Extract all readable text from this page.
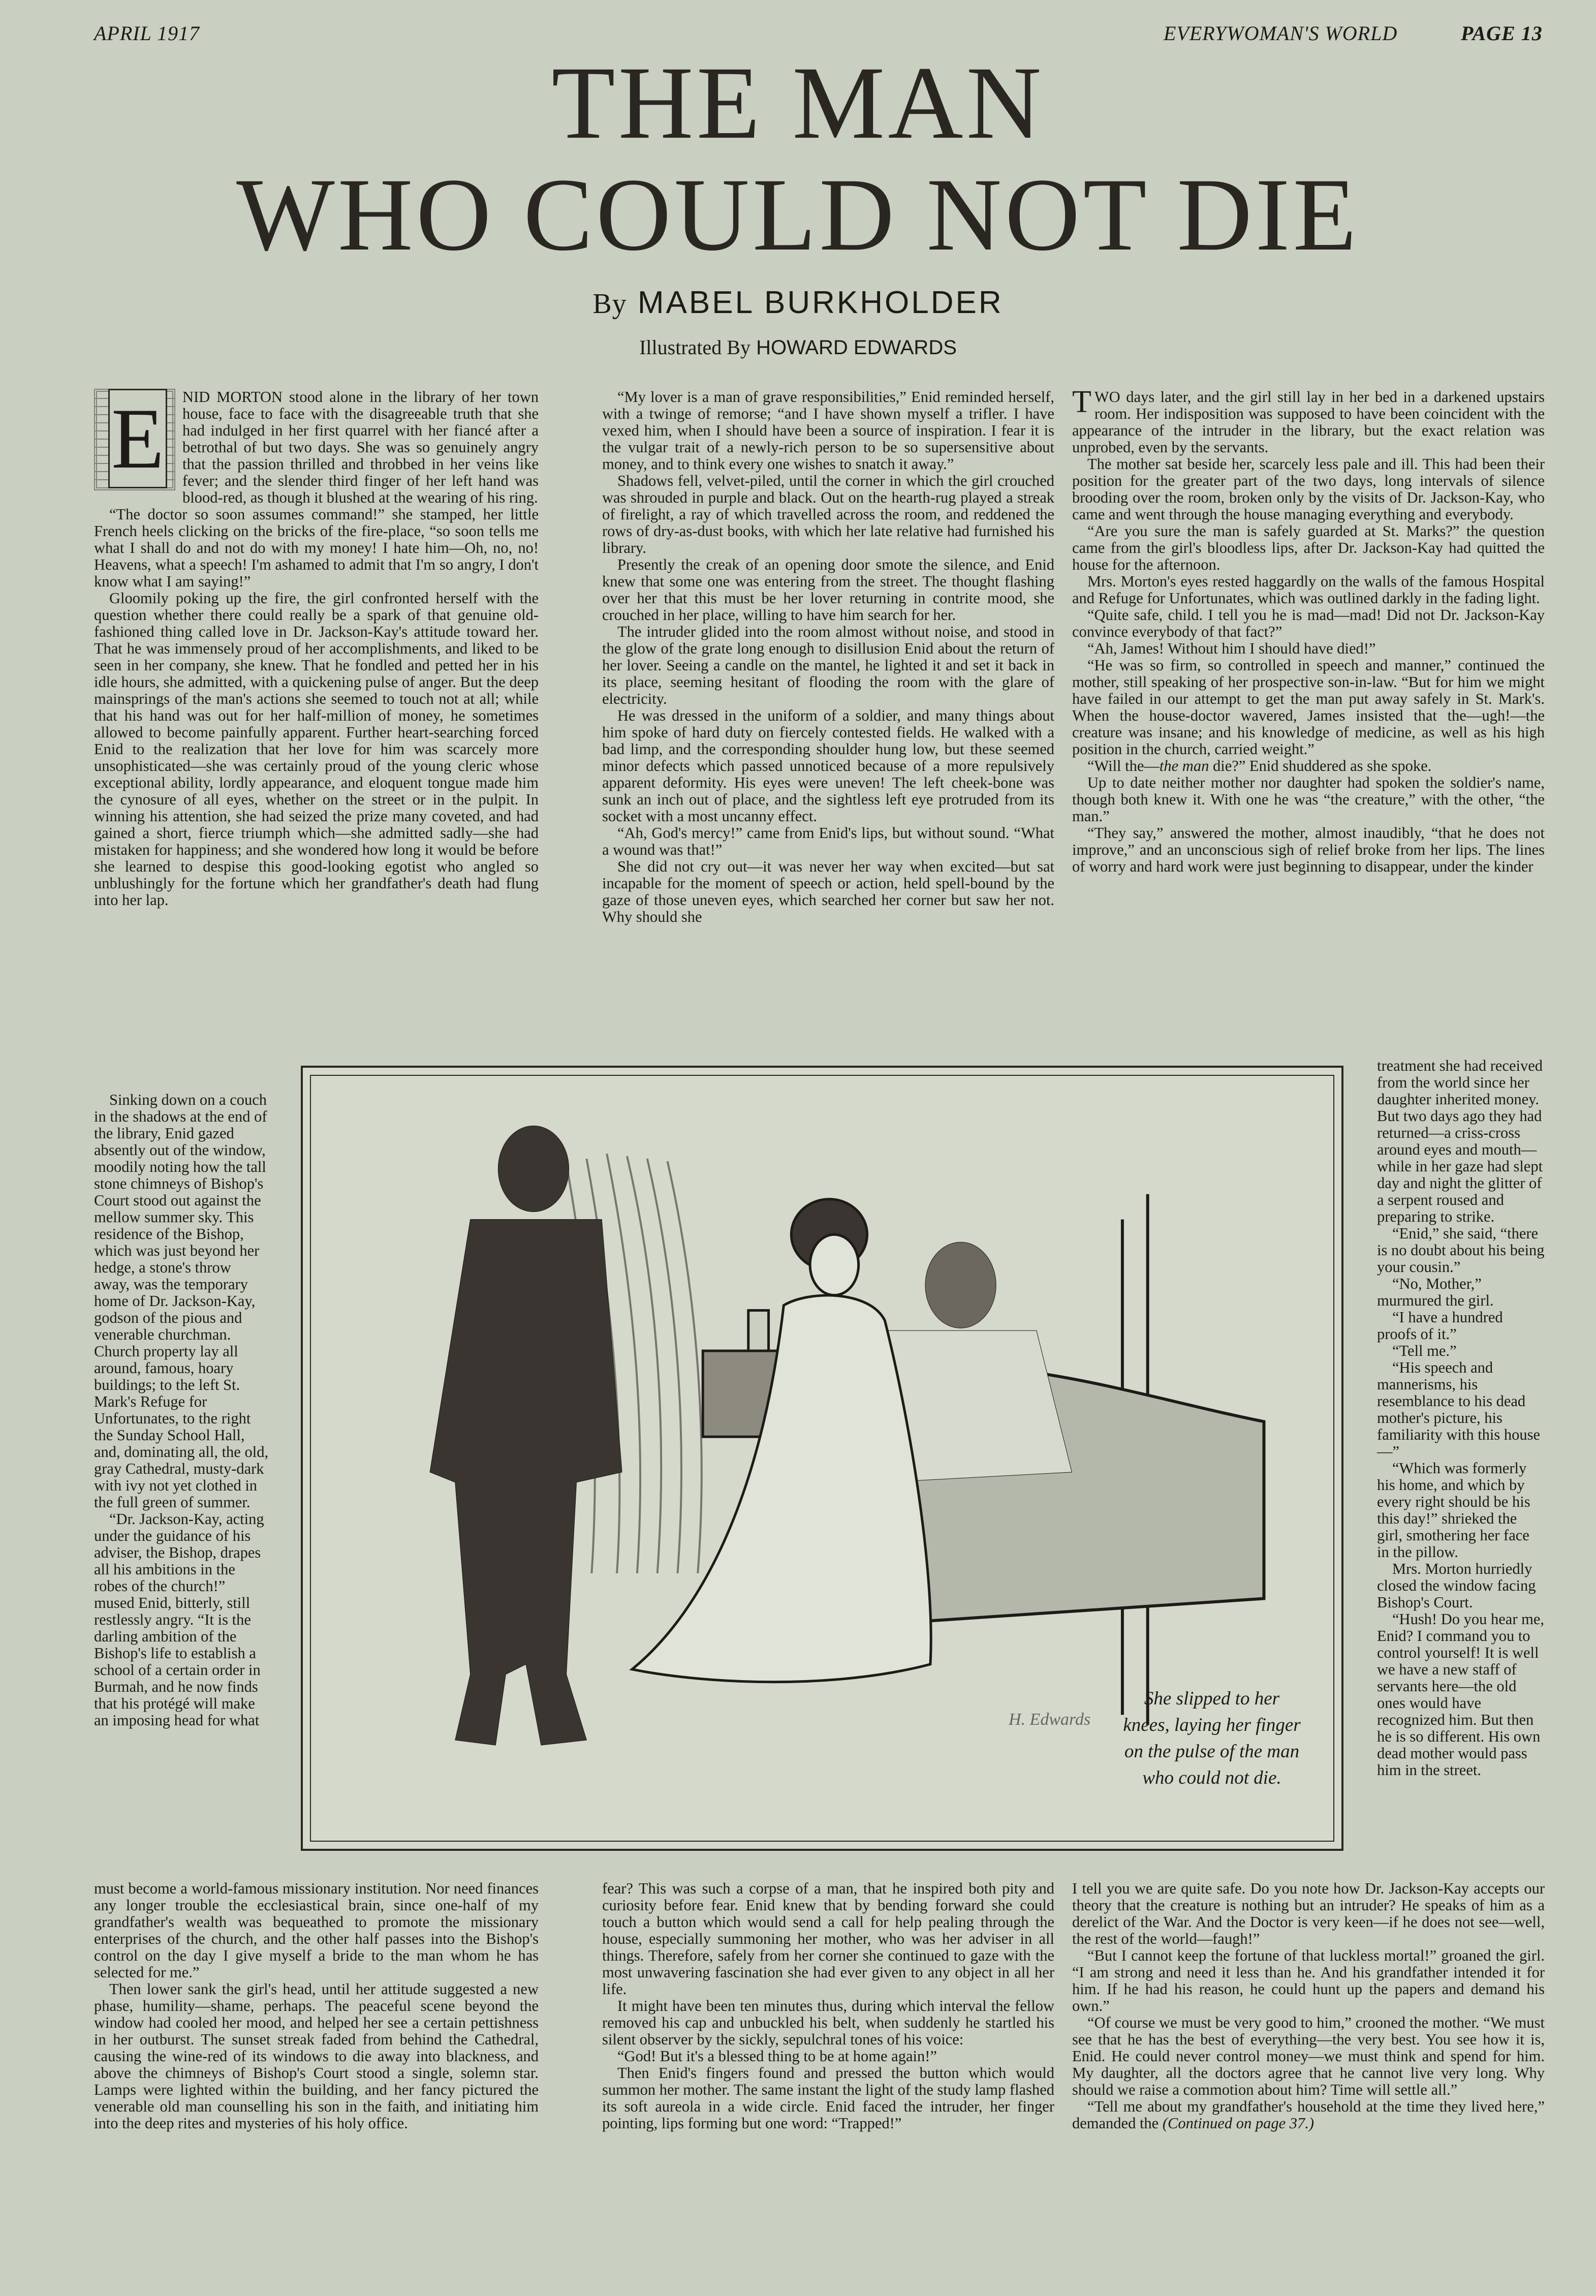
APRIL 1917	EVERYWOMAN'S WORLD	PAGE 13
THE MAN
WHO COULD NOT DIE
By MABEL BURKHOLDER
Illustrated By HOWARD EDWARDS

E NID MORTON stood alone in the library of her town house, face to face with the disagreeable truth that she had indulged in her first quarrel with her fiancé after a betrothal of but two days. She was so genuinely angry that the passion thrilled and throbbed in her veins like fever; and the slender third finger of her left hand was blood-red, as though it blushed at the wearing of his ring.

“The doctor so soon assumes command!” she stamped, her little French heels clicking on the bricks of the fire-place, “so soon tells me what I shall do and not do with my money! I hate him—Oh, no, no! Heavens, what a speech! I'm ashamed to admit that I'm so angry, I don't know what I am saying!”

Gloomily poking up the fire, the girl confronted herself with the question whether there could really be a spark of that genuine old-fashioned thing called love in Dr. Jackson-Kay's attitude toward her. That he was immensely proud of her accomplishments, and liked to be seen in her company, she knew. That he fondled and petted her in his idle hours, she admitted, with a quickening pulse of anger. But the deep mainsprings of the man's actions she seemed to touch not at all; while that his hand was out for her half-million of money, he sometimes allowed to become painfully apparent. Further heart-searching forced Enid to the realization that her love for him was scarcely more unsophisticated—she was certainly proud of the young cleric whose exceptional ability, lordly appearance, and eloquent tongue made him the cynosure of all eyes, whether on the street or in the pulpit. In winning his attention, she had seized the prize many coveted, and had gained a short, fierce triumph which—she admitted sadly—she had mistaken for happiness; and she wondered how long it would be before she learned to despise this good-looking egotist who angled so unblushingly for the fortune which her grandfather's death had flung into her lap.

Sinking down on a couch in the shadows at the end of the library, Enid gazed absently out of the window, moodily noting how the tall stone chimneys of Bishop's Court stood out against the mellow summer sky. This residence of the Bishop, which was just beyond her hedge, a stone's throw away, was the temporary home of Dr. Jackson-Kay, godson of the pious and venerable churchman. Church property lay all around, famous, hoary buildings; to the left St. Mark's Refuge for Unfortunates, to the right the Sunday School Hall, and, dominating all, the old, gray Cathedral, musty-dark with ivy not yet clothed in the full green of summer.

“Dr. Jackson-Kay, acting under the guidance of his adviser, the Bishop, drapes all his ambitions in the robes of the church!” mused Enid, bitterly, still restlessly angry. “It is the darling ambition of the Bishop's life to establish a school of a certain order in Burmah, and he now finds that his protégé will make an imposing head for what

must become a world-famous missionary institution. Nor need finances any longer trouble the ecclesiastical brain, since one-half of my grandfather's wealth was bequeathed to promote the missionary enterprises of the church, and the other half passes into the Bishop's control on the day I give myself a bride to the man whom he has selected for me.”

Then lower sank the girl's head, until her attitude suggested a new phase, humility—shame, perhaps. The peaceful scene beyond the window had cooled her mood, and helped her see a certain pettishness in her outburst. The sunset streak faded from behind the Cathedral, causing the wine-red of its windows to die away into blackness, and above the chimneys of Bishop's Court stood a single, solemn star. Lamps were lighted within the building, and her fancy pictured the venerable old man counselling his son in the faith, and initiating him into the deep rites and mysteries of his holy office.

“My lover is a man of grave responsibilities,” Enid reminded herself, with a twinge of remorse; “and I have shown myself a trifler. I have vexed him, when I should have been a source of inspiration. I fear it is the vulgar trait of a newly-rich person to be so supersensitive about money, and to think every one wishes to snatch it away.”

Shadows fell, velvet-piled, until the corner in which the girl crouched was shrouded in purple and black. Out on the hearth-rug played a streak of firelight, a ray of which travelled across the room, and reddened the rows of dry-as-dust books, with which her late relative had furnished his library.

Presently the creak of an opening door smote the silence, and Enid knew that some one was entering from the street. The thought flashing over her that this must be her lover returning in contrite mood, she crouched in her place, willing to have him search for her.

The intruder glided into the room almost without noise, and stood in the glow of the grate long enough to disillusion Enid about the return of her lover. Seeing a candle on the mantel, he lighted it and set it back in its place, seeming hesitant of flooding the room with the glare of electricity.

He was dressed in the uniform of a soldier, and many things about him spoke of hard duty on fiercely contested fields. He walked with a bad limp, and the corresponding shoulder hung low, but these seemed minor defects which passed unnoticed because of a more repulsively apparent deformity. His eyes were uneven! The left cheek-bone was sunk an inch out of place, and the sightless left eye protruded from its socket with a most uncanny effect.

“Ah, God's mercy!” came from Enid's lips, but without sound. “What a wound was that!”

She did not cry out—it was never her way when excited—but sat incapable for the moment of speech or action, held spell-bound by the gaze of those uneven eyes, which searched her corner but saw her not. Why should she

fear? This was such a corpse of a man, that he inspired both pity and curiosity before fear. Enid knew that by bending forward she could touch a button which would send a call for help pealing through the house, especially summoning her mother, who was her adviser in all things. Therefore, safely from her corner she continued to gaze with the most unwavering fascination she had ever given to any object in all her life.

It might have been ten minutes thus, during which interval the fellow removed his cap and unbuckled his belt, when suddenly he startled his silent observer by the sickly, sepulchral tones of his voice:

“God! But it's a blessed thing to be at home again!”

Then Enid's fingers found and pressed the button which would summon her mother. The same instant the light of the study lamp flashed its soft aureola in a wide circle. Enid faced the intruder, her finger pointing, lips forming but one word: “Trapped!”

T WO days later, and the girl still lay in her bed in a darkened upstairs room. Her indisposition was supposed to have been coincident with the appearance of the intruder in the library, but the exact relation was unprobed, even by the servants.

The mother sat beside her, scarcely less pale and ill. This had been their position for the greater part of the two days, long intervals of silence brooding over the room, broken only by the visits of Dr. Jackson-Kay, who came and went through the house managing everything and everybody.

“Are you sure the man is safely guarded at St. Marks?” the question came from the girl's bloodless lips, after Dr. Jackson-Kay had quitted the house for the afternoon.

Mrs. Morton's eyes rested haggardly on the walls of the famous Hospital and Refuge for Unfortunates, which was outlined darkly in the fading light.

“Quite safe, child. I tell you he is mad—mad! Did not Dr. Jackson-Kay convince everybody of that fact?”

“Ah, James! Without him I should have died!”

“He was so firm, so controlled in speech and manner,” continued the mother, still speaking of her prospective son-in-law. “But for him we might have failed in our attempt to get the man put away safely in St. Mark's. When the house-doctor wavered, James insisted that the—ugh!—the creature was insane; and his knowledge of medicine, as well as his high position in the church, carried weight.”

“Will the—the man die?” Enid shuddered as she spoke.

Up to date neither mother nor daughter had spoken the soldier's name, though both knew it. With one he was “the creature,” with the other, “the man.”

“They say,” answered the mother, almost inaudibly, “that he does not improve,” and an unconscious sigh of relief broke from her lips. The lines of worry and hard work were just beginning to disappear, under the kinder

treatment she had received from the world since her daughter inherited money. But two days ago they had returned—a criss-cross around eyes and mouth—while in her gaze had slept day and night the glitter of a serpent roused and preparing to strike.

“Enid,” she said, “there is no doubt about his being your cousin.”

“No, Mother,” murmured the girl.

“I have a hundred proofs of it.”

“Tell me.”

“His speech and mannerisms, his resemblance to his dead mother's picture, his familiarity with this house—”

“Which was formerly his home, and which by every right should be his this day!” shrieked the girl, smothering her face in the pillow.

Mrs. Morton hurriedly closed the window facing Bishop's Court.

“Hush! Do you hear me, Enid? I command you to control yourself! It is well we have a new staff of servants here—the old ones would have recognized him. But then he is so different. His own dead mother would pass him in the street.

I tell you we are quite safe. Do you note how Dr. Jackson-Kay accepts our theory that the creature is nothing but an intruder? He speaks of him as a derelict of the War. And the Doctor is very keen—if he does not see—well, the rest of the world—faugh!”

“But I cannot keep the fortune of that luckless mortal!” groaned the girl. “I am strong and need it less than he. And his grandfather intended it for him. If he had his reason, he could hunt up the papers and demand his own.”

“Of course we must be very good to him,” crooned the mother. “We must see that he has the best of everything—the very best. You see how it is, Enid. He could never control money—we must think and spend for him. My daughter, all the doctors agree that he cannot live very long. Why should we raise a commotion about him? Time will settle all.”

“Tell me about my grandfather's household at the time they lived here,” demanded the (Continued on page 37.)

She slipped to her
knees, laying her finger
on the pulse of the man
who could not die.
H. Edwards
